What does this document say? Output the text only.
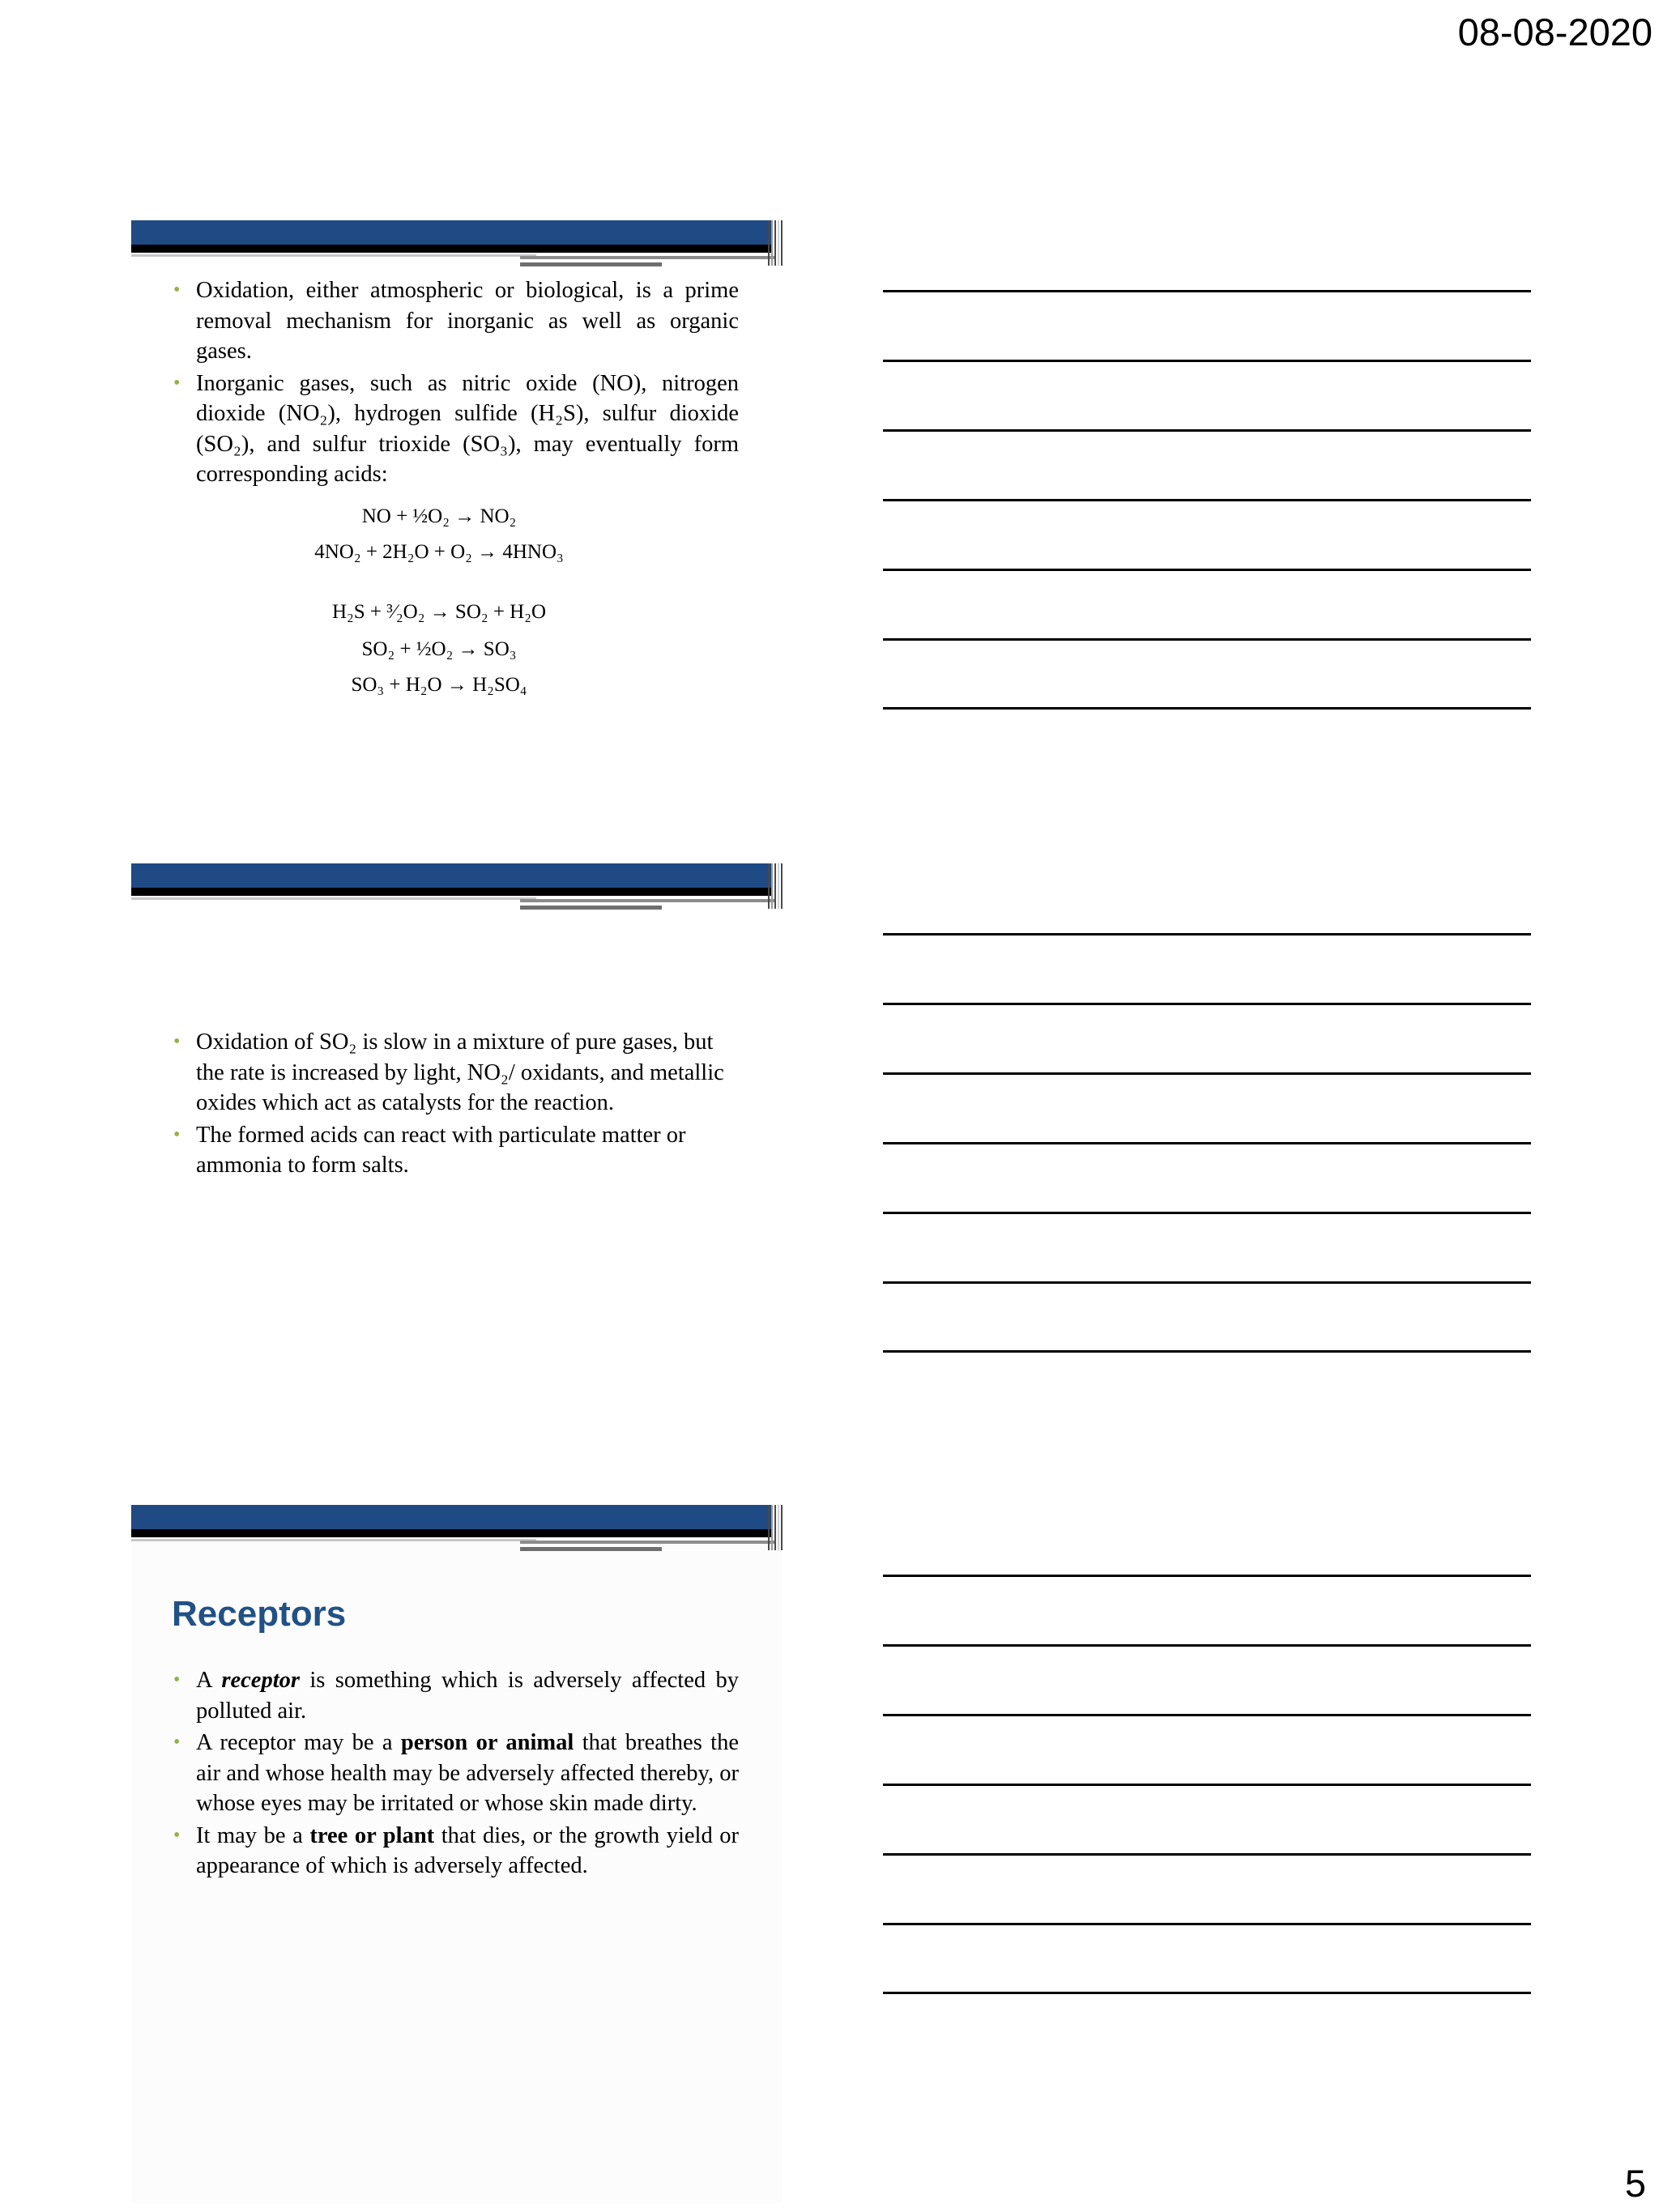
08-08-2020
• Oxidation, either atmospheric or biological, is a prime removal mechanism for inorganic as well as organic gases.
• Inorganic gases, such as nitric oxide (NO), nitrogen dioxide (NO₂), hydrogen sulfide (H₂S), sulfur dioxide (SO₂), and sulfur trioxide (SO₃), may eventually form corresponding acids:
NO + ½O₂ → NO₂
4NO₂ + 2H₂O + O₂ → 4HNO₃
H₂S + ³⁄₂O₂ → SO₂ + H₂O
SO₂ + ½O₂ → SO₃
SO₃ + H₂O → H₂SO₄
• Oxidation of SO₂ is slow in a mixture of pure gases, but the rate is increased by light, NO₂/ oxidants, and metallic oxides which act as catalysts for the reaction.
• The formed acids can react with particulate matter or ammonia to form salts.
Receptors
• A receptor is something which is adversely affected by polluted air.
• A receptor may be a person or animal that breathes the air and whose health may be adversely affected thereby, or whose eyes may be irritated or whose skin made dirty.
• It may be a tree or plant that dies, or the growth yield or appearance of which is adversely affected.
5
